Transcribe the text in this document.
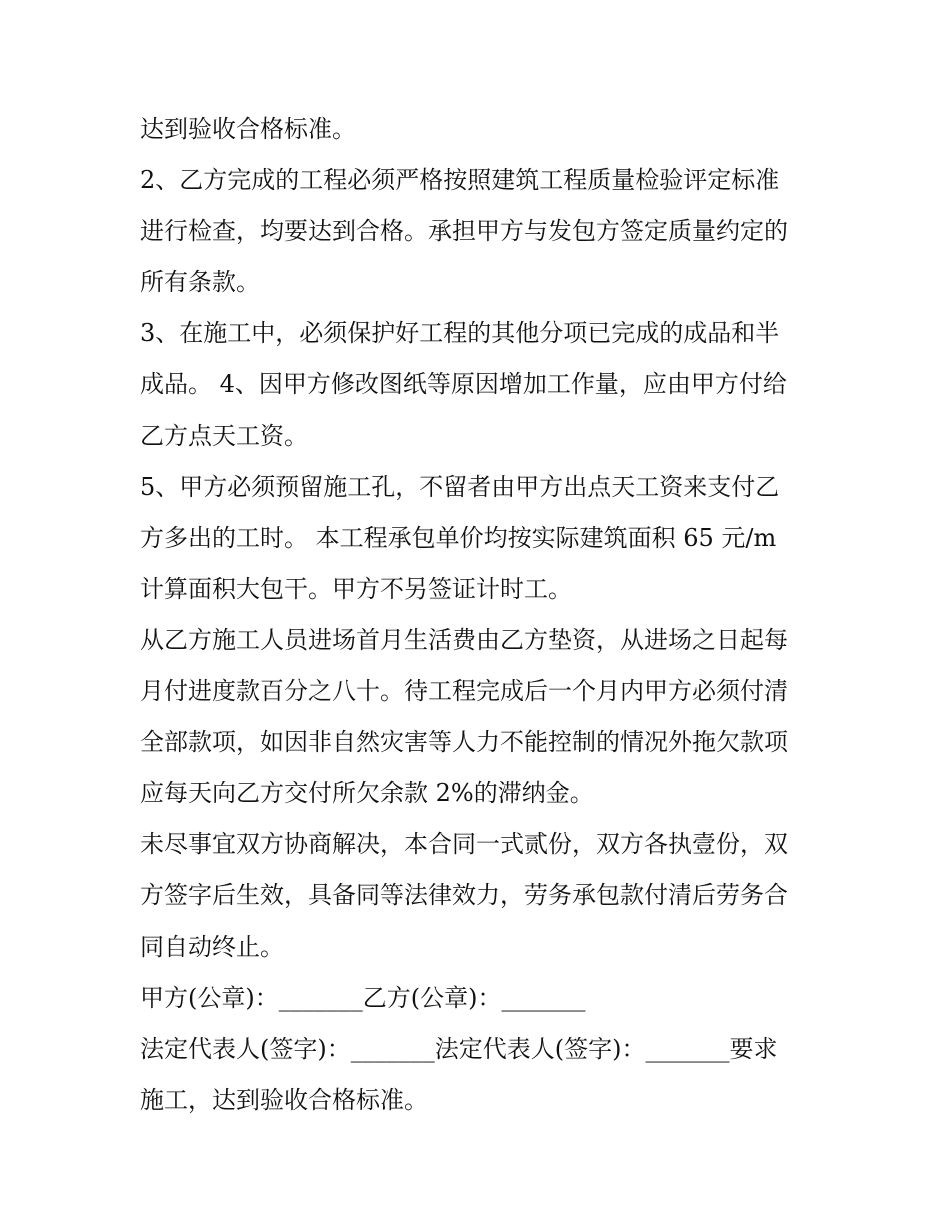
达到验收合格标准。
2、乙方完成的工程必须严格按照建筑工程质量检验评定标准
进行检查，均要达到合格。承担甲方与发包方签定质量约定的
所有条款。
3、在施工中，必须保护好工程的其他分项已完成的成品和半
成品。 4、因甲方修改图纸等原因增加工作量，应由甲方付给
乙方点天工资。
5、甲方必须预留施工孔，不留者由甲方出点天工资来支付乙
方多出的工时。 本工程承包单价均按实际建筑面积 65 元/m
计算面积大包干。甲方不另签证计时工。
从乙方施工人员进场首月生活费由乙方垫资，从进场之日起每
月付进度款百分之八十。待工程完成后一个月内甲方必须付清
全部款项，如因非自然灾害等人力不能控制的情况外拖欠款项
应每天向乙方交付所欠余款 2%的滞纳金。
未尽事宜双方协商解决，本合同一式贰份，双方各执壹份，双
方签字后生效，具备同等法律效力，劳务承包款付清后劳务合
同自动终止。
甲方(公章)：_______乙方(公章)：_______
法定代表人(签字)：_______法定代表人(签字)：_______要求
施工，达到验收合格标准。
